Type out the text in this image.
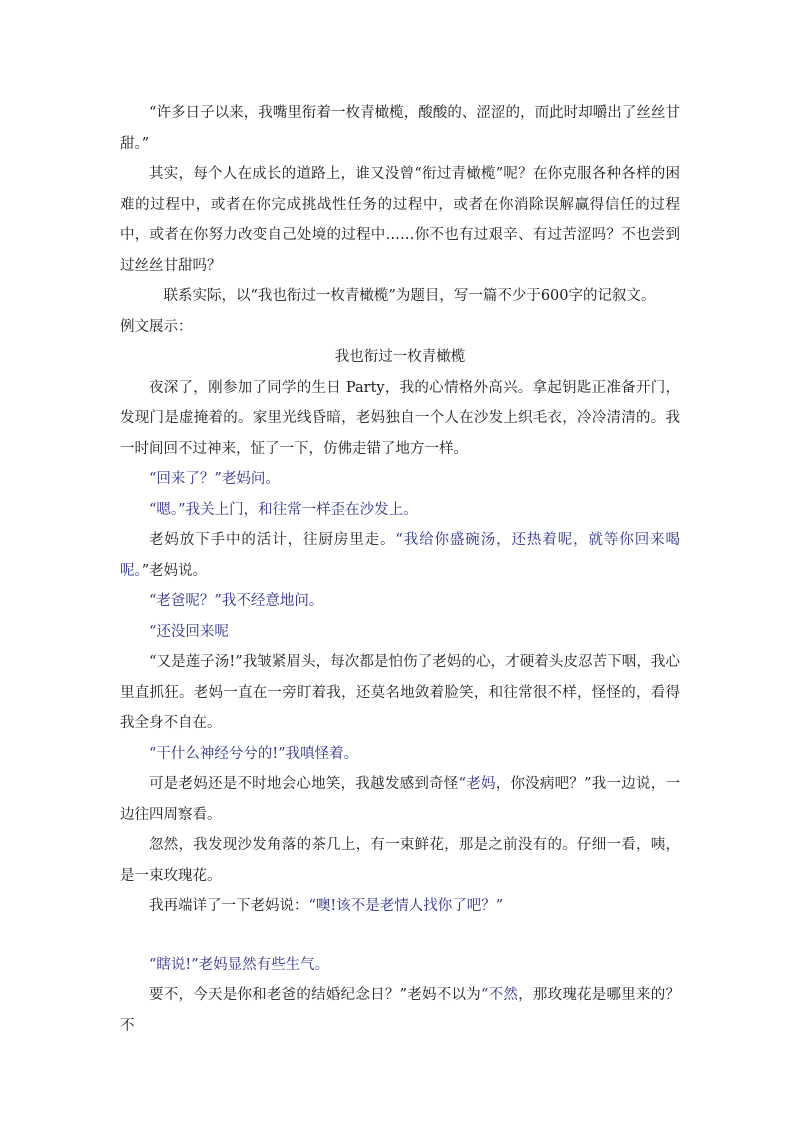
“许多日子以来，我嘴里衔着一枚青橄榄，酸酸的、涩涩的，而此时却嚼出了丝丝甘甜。”

其实，每个人在成长的道路上，谁又没曾“衔过青橄榄”呢？在你克服各种各样的困难的过程中，或者在你完成挑战性任务的过程中，或者在你消除误解赢得信任的过程中，或者在你努力改变自己处境的过程中……你不也有过艰辛、有过苦涩吗？不也尝到过丝丝甘甜吗？

联系实际，以“我也衔过一枚青橄榄”为题目，写一篇不少于600字的记叙文。

例文展示：

我也衔过一枚青橄榄

夜深了，刚参加了同学的生日 Party，我的心情格外高兴。拿起钥匙正准备开门，发现门是虚掩着的。家里光线昏暗，老妈独自一个人在沙发上织毛衣，冷冷清清的。我一时间回不过神来，怔了一下，仿佛走错了地方一样。

“回来了？”老妈问。

“嗯。”我关上门，和往常一样歪在沙发上。

老妈放下手中的活计，往厨房里走。“我给你盛碗汤，还热着呢，就等你回来喝呢。”老妈说。

“老爸呢？”我不经意地问。

“还没回来呢

“又是莲子汤!”我皱紧眉头，每次都是怕伤了老妈的心，才硬着头皮忍苦下咽，我心里直抓狂。老妈一直在一旁盯着我，还莫名地敛着脸笑，和往常很不样，怪怪的，看得我全身不自在。

“干什么神经兮兮的!”我嗔怪着。

可是老妈还是不时地会心地笑，我越发感到奇怪“老妈，你没病吧？”我一边说，一边往四周察看。

忽然，我发现沙发角落的茶几上，有一束鲜花，那是之前没有的。仔细一看，咦，是一束玫瑰花。

我再端详了一下老妈说：“噢!该不是老情人找你了吧？”

“瞎说!”老妈显然有些生气。

要不，今天是你和老爸的结婚纪念日？”老妈不以为“不然，那玫瑰花是哪里来的？不
